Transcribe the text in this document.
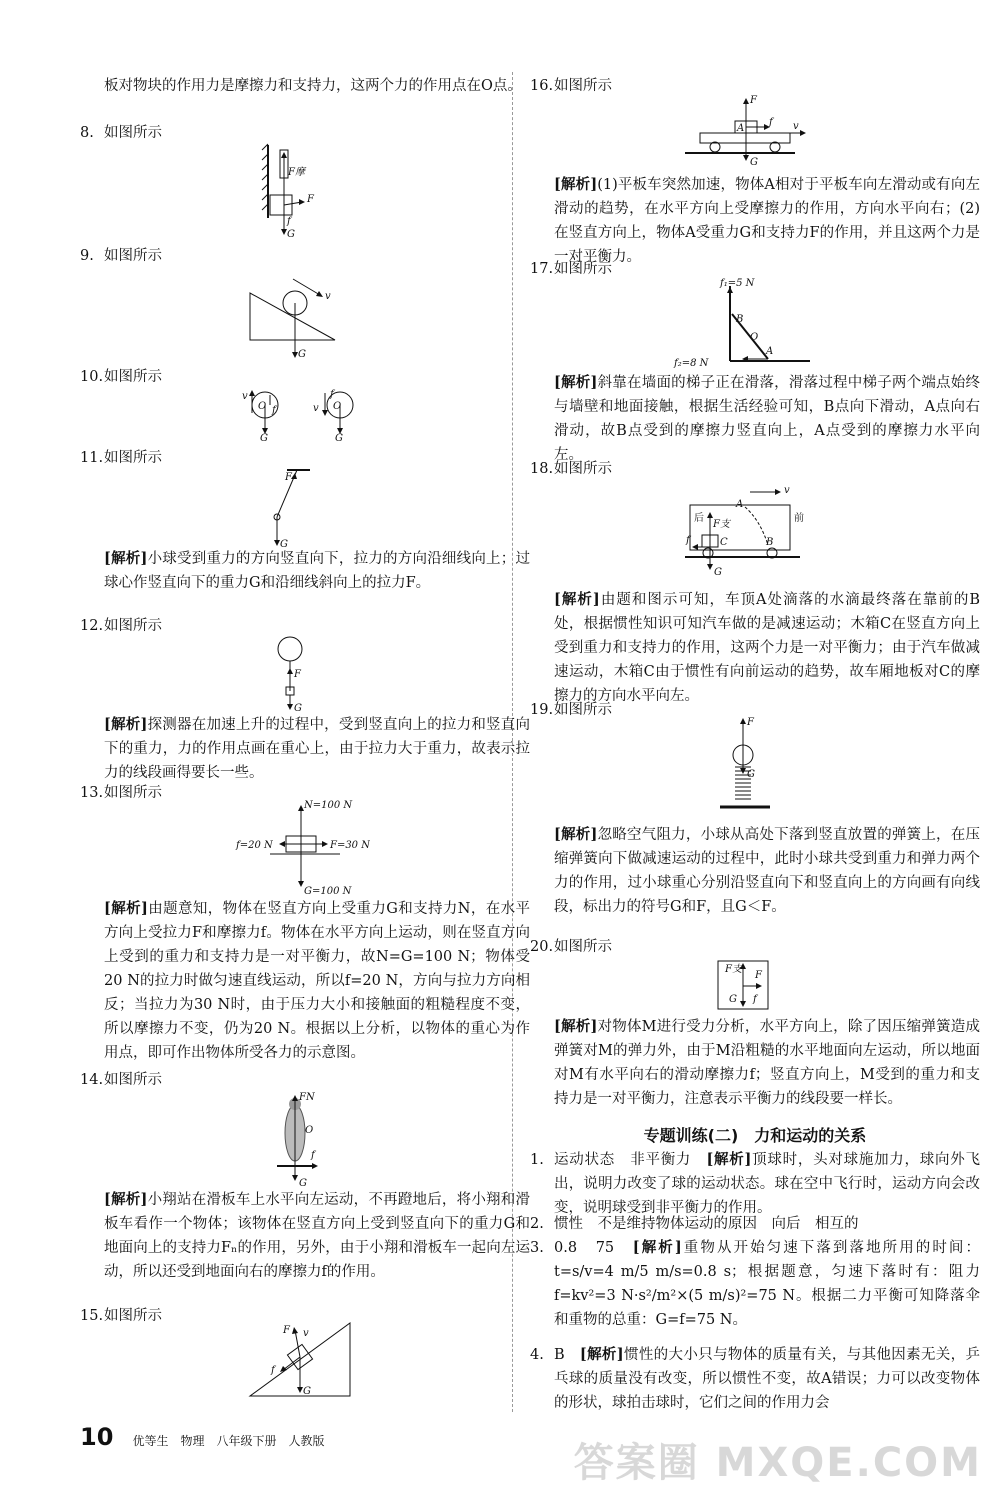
板对物块的作用力是摩擦力和支持力，这两个力的作用点在O点。
8. 如图所示
F摩
F
f
G
9. 如图所示
v
G
10. 如图所示
v
O f
G
v
f
O
G
11. 如图所示
F
G
[解析]小球受到重力的方向竖直向下，拉力的方向沿细线向上；过球心作竖直向下的重力G和沿细线斜向上的拉力F。
12. 如图所示
F
G
[解析]探测器在加速上升的过程中，受到竖直向上的拉力和竖直向下的重力，力的作用点画在重心上，由于拉力大于重力，故表示拉力的线段画得要长一些。
13. 如图所示
N=100 N
f=20 N	F=30 N
G=100 N
[解析]由题意知，物体在竖直方向上受重力G和支持力N，在水平方向上受拉力F和摩擦力f。物体在水平方向上运动，则在竖直方向上受到的重力和支持力是一对平衡力，故N=G=100 N；物体受20 N的拉力时做匀速直线运动，所以f=20 N，方向与拉力方向相反；当拉力为30 N时，由于压力大小和接触面的粗糙程度不变，所以摩擦力不变，仍为20 N。根据以上分析，以物体的重心为作用点，即可作出物体所受各力的示意图。
14. 如图所示
FN
O
f
G
[解析]小翔站在滑板车上水平向左运动，不再蹬地后，将小翔和滑板车看作一个物体；该物体在竖直方向上受到竖直向下的重力G和地面向上的支持力Fₙ的作用，另外，由于小翔和滑板车一起向左运动，所以还受到地面向右的摩擦力f的作用。
15. 如图所示
F v
f
G
16. 如图所示
F
A
f v
G
[解析](1)平板车突然加速，物体A相对于平板车向左滑动或有向左滑动的趋势，在水平方向上受摩擦力的作用，方向水平向右；(2)在竖直方向上，物体A受重力G和支持力F的作用，并且这两个力是一对平衡力。
17. 如图所示
f₁=5 N
B
O
A
f₂=8 N
[解析]斜靠在墙面的梯子正在滑落，滑落过程中梯子两个端点始终与墙壁和地面接触，根据生活经验可知，B点向下滑动，A点向右滑动，故B点受到的摩擦力竖直向上，A点受到的摩擦力水平向左。
18. 如图所示
v
A
后
F支
前
C	B
f
G
[解析]由题和图示可知，车顶A处滴落的水滴最终落在靠前的B处，根据惯性知识可知汽车做的是减速运动；木箱C在竖直方向上受到重力和支持力的作用，这两个力是一对平衡力；由于汽车做减速运动，木箱C由于惯性有向前运动的趋势，故车厢地板对C的摩擦力的方向水平向左。
19. 如图所示
F
G
[解析]忽略空气阻力，小球从高处下落到竖直放置的弹簧上，在压缩弹簧向下做减速运动的过程中，此时小球共受到重力和弹力两个力的作用，过小球重心分别沿竖直向下和竖直向上的方向画有向线段，标出力的符号G和F，且G＜F。
20. 如图所示
F支
F
G f
[解析]对物体M进行受力分析，水平方向上，除了因压缩弹簧造成弹簧对M的弹力外，由于M沿粗糙的水平地面向左运动，所以地面对M有水平向右的滑动摩擦力f；竖直方向上，M受到的重力和支持力是一对平衡力，注意表示平衡力的线段要一样长。
专题训练(二)　力和运动的关系
1. 运动状态　非平衡力　 [解析]顶球时，头对球施加力，球向外飞出，说明力改变了球的运动状态。球在空中飞行时，运动方向会改变，说明球受到非平衡力的作用。
2. 惯性　不是维持物体运动的原因　向后　相互的
3. 0.8　75　 [解析]重物从开始匀速下落到落地所用的时间：t=s/v=4 m/5 m/s=0.8 s；根据题意，匀速下落时有：阻力f=kv²=3 N·s²/m²×(5 m/s)²=75 N。根据二力平衡可知降落伞和重物的总重：G=f=75 N。
4. B　 [解析]惯性的大小只与物体的质量有关，与其他因素无关，乒乓球的质量没有改变，所以惯性不变，故A错误；力可以改变物体的形状，球拍击球时，它们之间的作用力会
10 优等生　物理　八年级下册　人教版	答案圈 MXQE.COM
